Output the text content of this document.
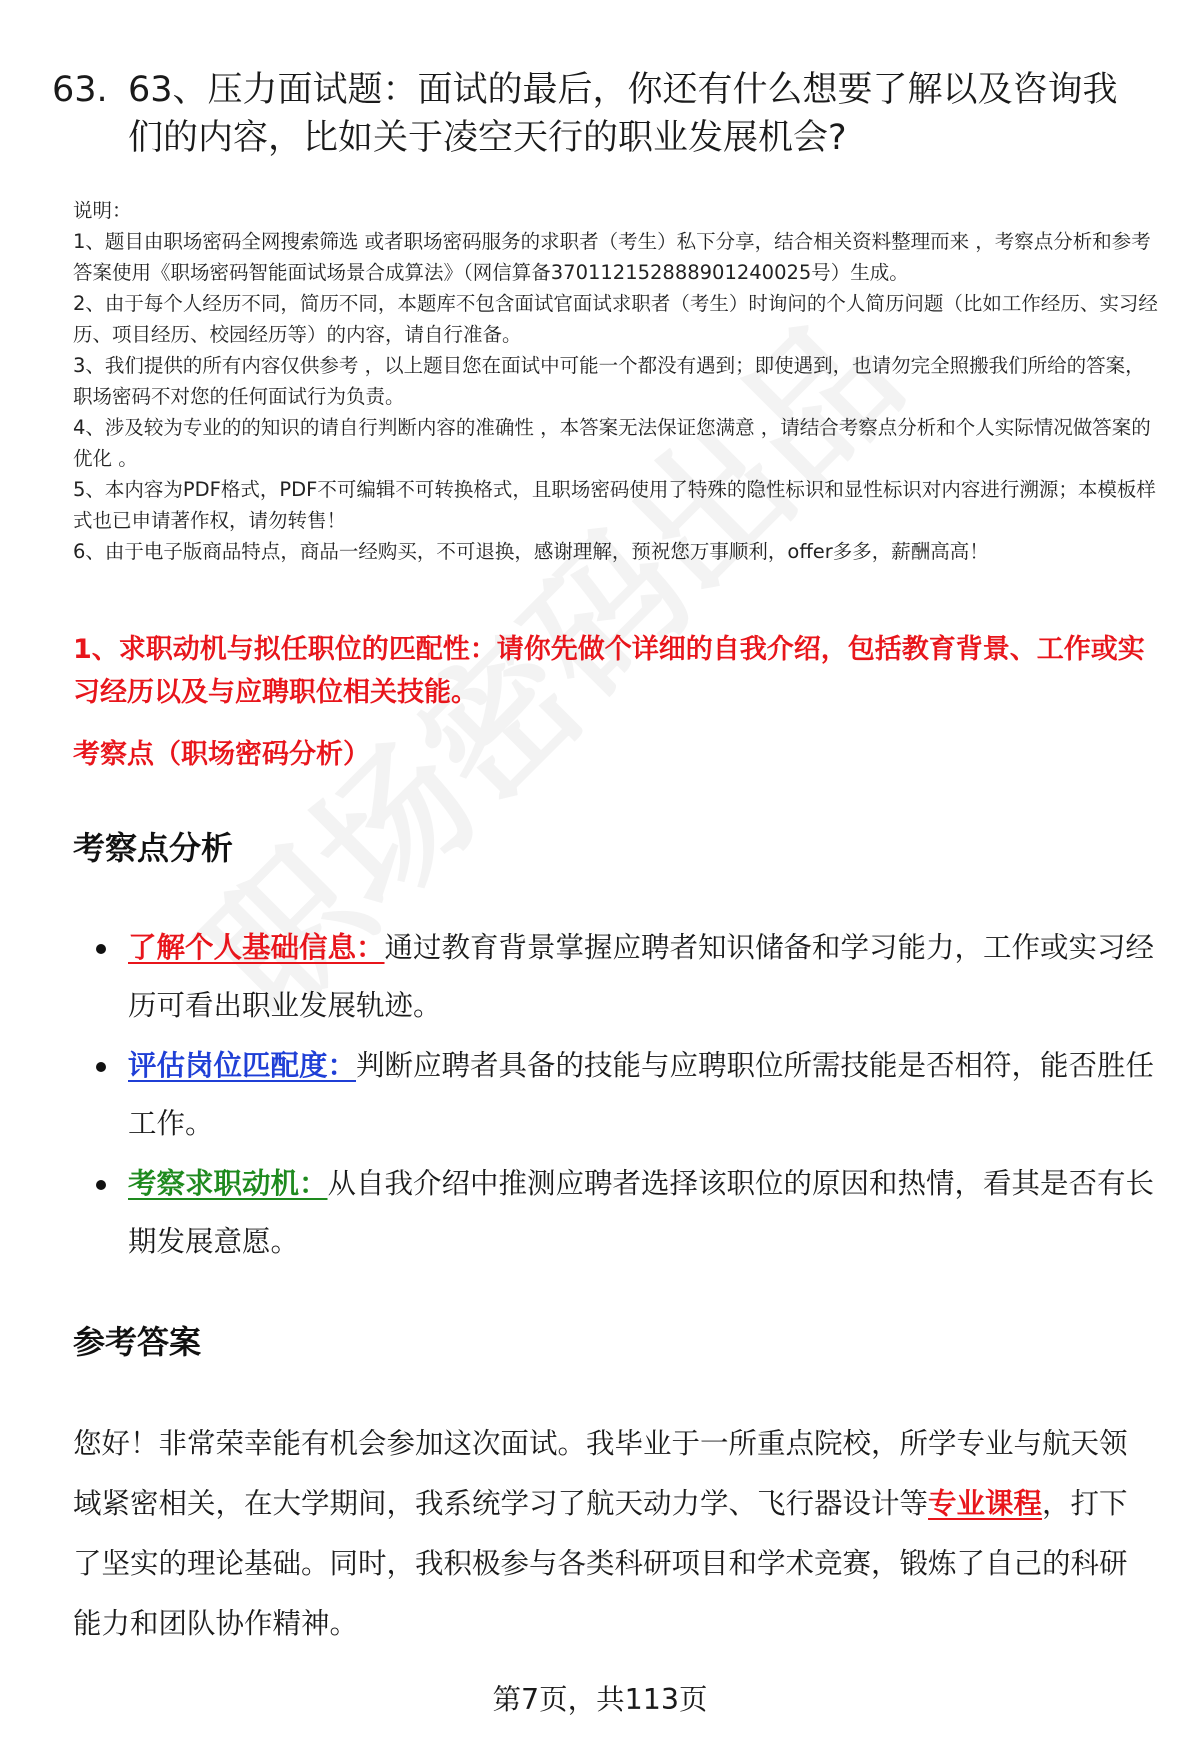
63. 63、压力面试题：面试的最后，你还有什么想要了解以及咨询我们的内容，比如关于凌空天行的职业发展机会?

说明：

1、题目由职场密码全网搜索筛选 或者职场密码服务的求职者（考生）私下分享，结合相关资料整理而来 ，考察点分析和参考答案使用《职场密码智能面试场景合成算法》（网信算备370112152888901240025号）生成。

2、由于每个人经历不同，简历不同，本题库不包含面试官面试求职者（考生）时询问的个人简历问题（比如工作经历、实习经历、项目经历、校园经历等）的内容，请自行准备。

3、我们提供的所有内容仅供参考 ，以上题目您在面试中可能一个都没有遇到；即使遇到，也请勿完全照搬我们所给的答案，职场密码不对您的任何面试行为负责。

4、涉及较为专业的的知识的请自行判断内容的准确性 ，本答案无法保证您满意 ，请结合考察点分析和个人实际情况做答案的优化 。

5、本内容为PDF格式，PDF不可编辑不可转换格式，且职场密码使用了特殊的隐性标识和显性标识对内容进行溯源；本模板样式也已申请著作权，请勿转售！

6、由于电子版商品特点，商品一经购买，不可退换，感谢理解，预祝您万事顺利，offer多多，薪酬高高！

1、求职动机与拟任职位的匹配性：请你先做个详细的自我介绍，包括教育背景、工作或实习经历以及与应聘职位相关技能。
考察点（职场密码分析）
考察点分析
了解个人基础信息：通过教育背景掌握应聘者知识储备和学习能力，工作或实习经历可看出职业发展轨迹。
评估岗位匹配度：判断应聘者具备的技能与应聘职位所需技能是否相符，能否胜任工作。
考察求职动机：从自我介绍中推测应聘者选择该职位的原因和热情，看其是否有长期发展意愿。
参考答案
您好！非常荣幸能有机会参加这次面试。我毕业于一所重点院校，所学专业与航天领域紧密相关，在大学期间，我系统学习了航天动力学、飞行器设计等专业课程，打下了坚实的理论基础。同时，我积极参与各类科研项目和学术竞赛，锻炼了自己的科研能力和团队协作精神。
第7页，共113页
